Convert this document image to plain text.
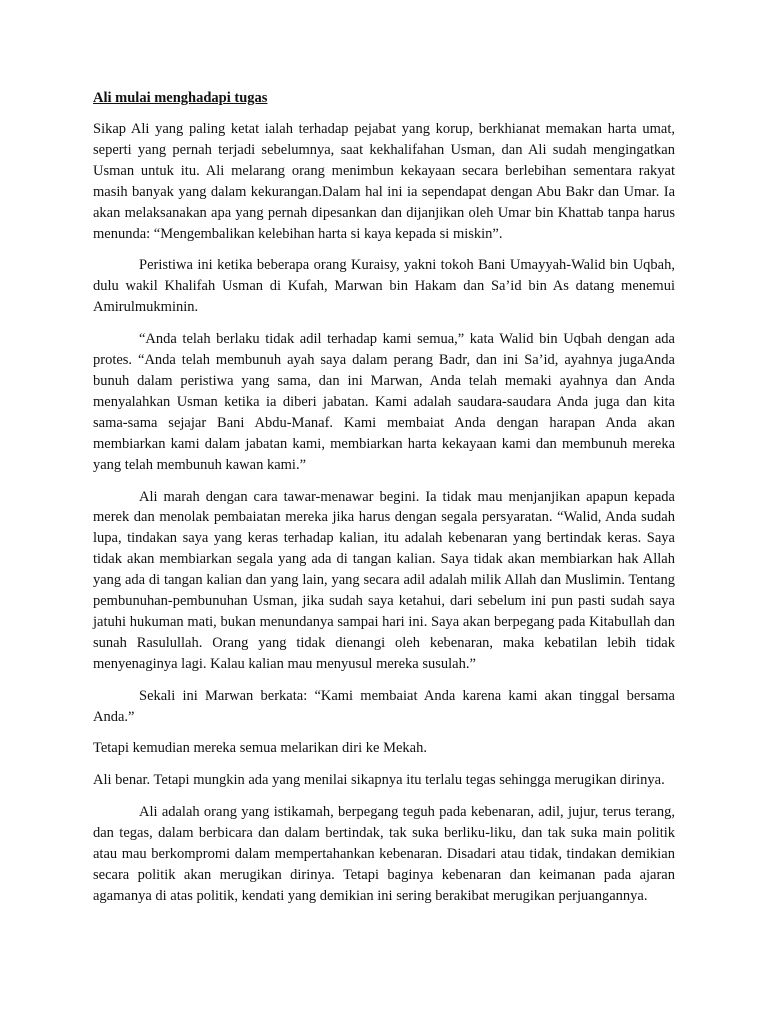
Ali mulai menghadapi tugas

Sikap Ali yang paling ketat ialah terhadap pejabat yang korup, berkhianat memakan harta umat, seperti yang pernah terjadi sebelumnya, saat kekhalifahan Usman, dan Ali sudah mengingatkan Usman untuk itu. Ali melarang orang menimbun kekayaan secara berlebihan sementara rakyat masih banyak yang dalam kekurangan.Dalam hal ini ia sependapat dengan Abu Bakr dan Umar. Ia akan melaksanakan apa yang pernah dipesankan dan dijanjikan oleh Umar bin Khattab tanpa harus menunda: “Mengembalikan kelebihan harta si kaya kepada si miskin”.

Peristiwa ini ketika beberapa orang Kuraisy, yakni tokoh Bani Umayyah-Walid bin Uqbah, dulu wakil Khalifah Usman di Kufah, Marwan bin Hakam dan Sa’id bin As datang menemui Amirulmukminin.

“Anda telah berlaku tidak adil terhadap kami semua,” kata Walid bin Uqbah dengan ada protes. “Anda telah membunuh ayah saya dalam perang Badr, dan ini Sa’id, ayahnya jugaAnda bunuh dalam peristiwa yang sama, dan ini Marwan, Anda telah memaki ayahnya dan Anda menyalahkan Usman ketika ia diberi jabatan. Kami adalah saudara-saudara Anda juga dan kita sama-sama sejajar Bani Abdu-Manaf. Kami membaiat Anda dengan harapan Anda akan membiarkan kami dalam jabatan kami, membiarkan harta kekayaan kami dan membunuh mereka yang telah membunuh kawan kami.”

Ali marah dengan cara tawar-menawar begini. Ia tidak mau menjanjikan apapun kepada merek dan menolak pembaiatan mereka jika harus dengan segala persyaratan. “Walid, Anda sudah lupa, tindakan saya yang keras terhadap kalian, itu adalah kebenaran yang bertindak keras. Saya tidak akan membiarkan segala yang ada di tangan kalian. Saya tidak akan membiarkan hak Allah yang ada di tangan kalian dan yang lain, yang secara adil adalah milik Allah dan Muslimin. Tentang pembunuhan-pembunuhan Usman, jika sudah saya ketahui, dari sebelum ini pun pasti sudah saya jatuhi hukuman mati, bukan menundanya sampai hari ini. Saya akan berpegang pada Kitabullah dan sunah Rasulullah. Orang yang tidak dienangi oleh kebenaran, maka kebatilan lebih tidak menyenaginya lagi. Kalau kalian mau menyusul mereka susulah.”

Sekali ini Marwan berkata: “Kami membaiat Anda karena kami akan tinggal bersama Anda.”

Tetapi kemudian mereka semua melarikan diri ke Mekah.

Ali benar. Tetapi mungkin ada yang menilai sikapnya itu terlalu tegas sehingga merugikan dirinya.

Ali adalah orang yang istikamah, berpegang teguh pada kebenaran, adil, jujur, terus terang, dan tegas, dalam berbicara dan dalam bertindak, tak suka berliku-liku, dan tak suka main politik atau mau berkompromi dalam mempertahankan kebenaran. Disadari atau tidak, tindakan demikian secara politik akan merugikan dirinya. Tetapi baginya kebenaran dan keimanan pada ajaran agamanya di atas politik, kendati yang demikian ini sering berakibat merugikan perjuangannya.
